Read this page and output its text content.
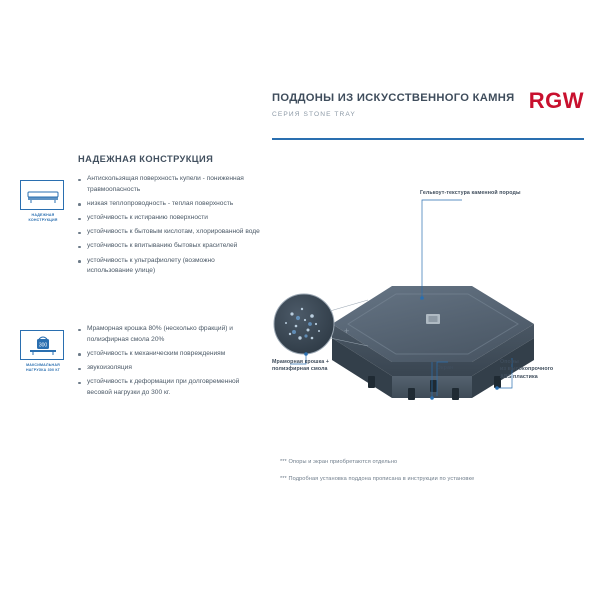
ПОДДОНЫ ИЗ ИСКУССТВЕННОГО КАМНЯ
СЕРИЯ STONE TRAY
RGW
НАДЕЖНАЯ КОНСТРУКЦИЯ
НАДЕЖНАЯ
КОНСТРУКЦИЯ
300
МАКСИМАЛЬНАЯ
НАГРУЗКА 300 КГ
Антискользящая поверхность купели - пониженная травмоопасность
низкая теплопроводность - теплая поверхность
устойчивость к истиранию поверхности
устойчивость к бытовым кислотам, хлорированной воде
устойчивость к впитыванию бытовых красителей
устойчивость к ультрафиолету (возможно использование улице)
Мраморная крошка 80% (несколько фракций) и полиэфирная смола 20%
устойчивость к механическим повреждениям
звукоизоляция
устойчивость к деформации при долговременной весовой нагрузки до 300 кг.
+
Гелькоут-текстура каменной породы
Мраморная крошка +
полиэфирная смола	Экран
Опоры
из высокопрочного
ABS пластика
*** Опоры и экран приобретаются отдельно
*** Подробная установка поддона прописана в инструкции по установке
